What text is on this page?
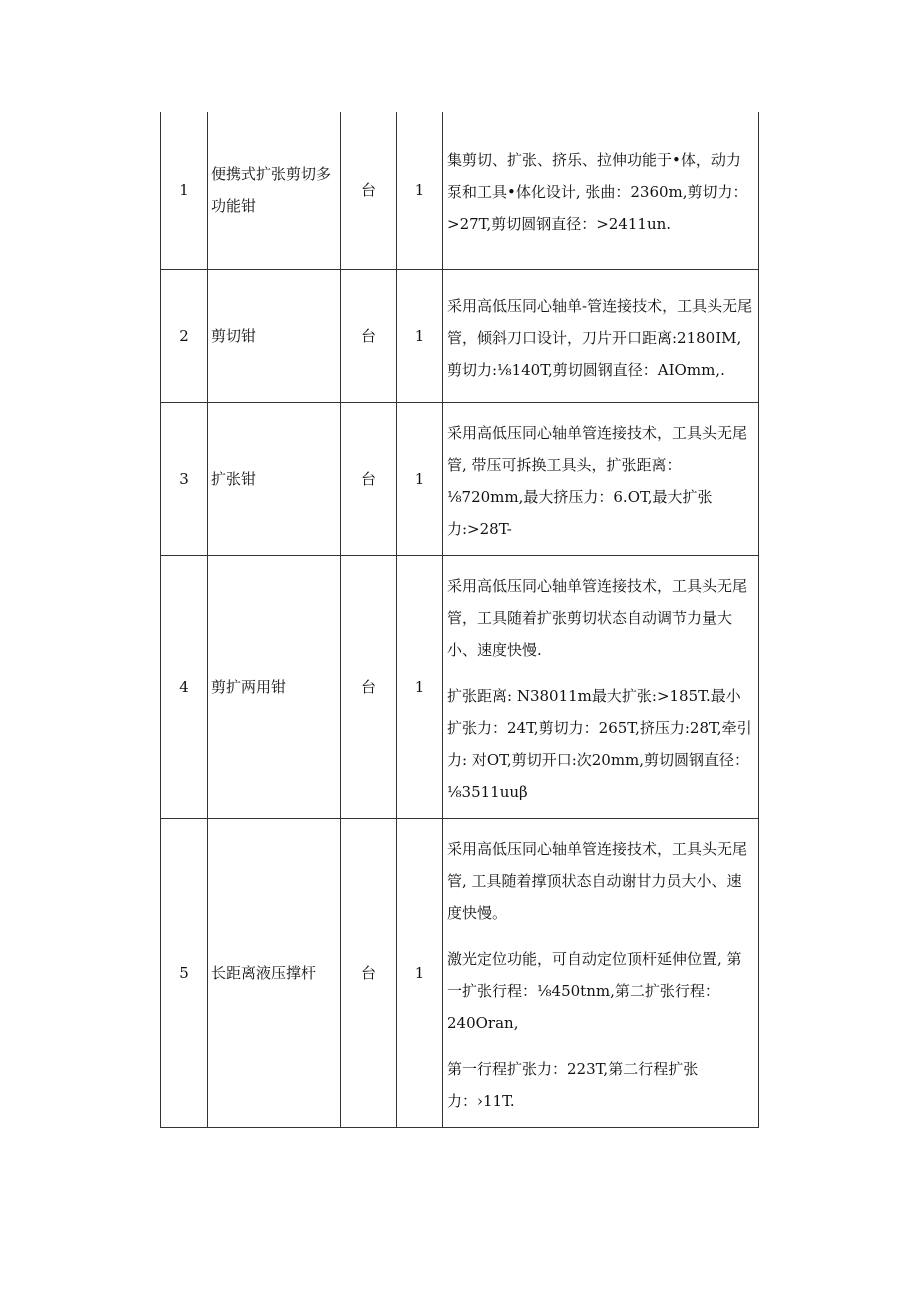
1	便携式扩张剪切多功能钳	台	1	集剪切、扩张、挤乐、拉伸功能于•体，动力泵和工具•体化设计, 张曲：2360m,剪切力：>27T,剪切圆钢直径：>2411un.

2	剪切钳	台	1	采用高低压同心轴单-管连接技术，工具头无尾管，倾斜刀口设计，刀片开口距离:2180IM,剪切力:⅛140T,剪切圆钢直径：AIOmm,.

3	扩张钳	台	1	采用高低压同心轴单管连接技术，工具头无尾管, 带压可拆换工具头，扩张距离：⅛720mm,最大挤压力：6.OT,最大扩张力:>28T-

4	剪扩两用钳	台	1	采用高低压同心轴单管连接技术，工具头无尾管，工具随着扩张剪切状态自动调节力量大小、速度快慢.
扩张距离: N38011m最大扩张:>185T.最小扩张力：24T,剪切力：265T,挤压力:28T,牵引力: 对OT,剪切开口:次20mm,剪切圆钢直径：⅛3511uuβ

5	长距离液压撑杆	台	1	采用高低压同心轴单管连接技术，工具头无尾管, 工具随着撑顶状态自动谢甘力员大小、速度快慢。
激光定位功能，可自动定位顶杆延伸位置, 第一扩张行程：⅛450tnm,第二扩张行程：240Oran,
第一行程扩张力：223T,第二行程扩张力：›11T.
